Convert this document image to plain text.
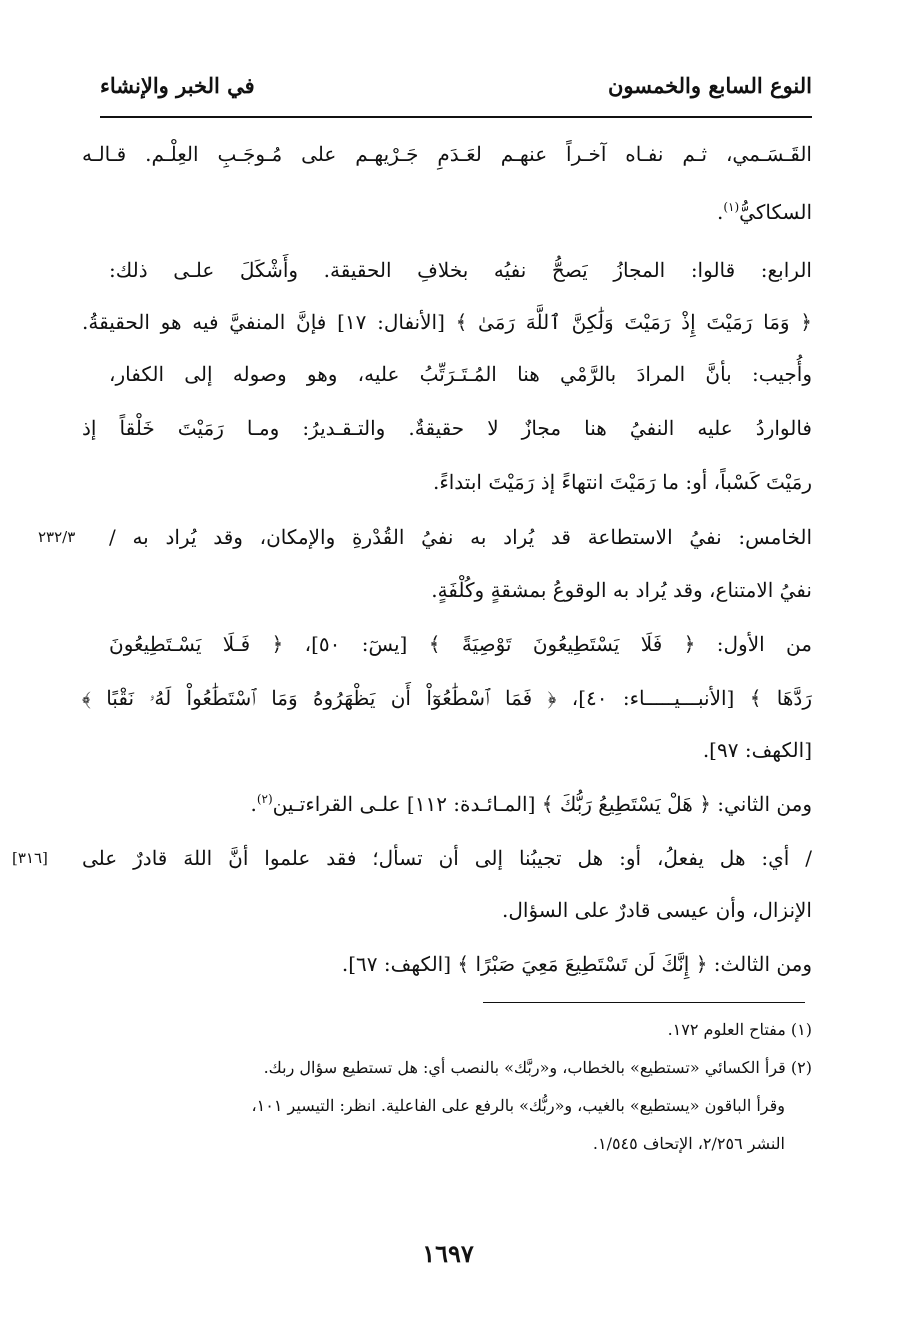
النوع السابع والخمسون
في الخبر والإنشاء
القَـسَـمي، ثـم نفـاه آخـراً عنهـم لعَـدَمِ جَـرْيهـم على مُـوجَـبِ العِلْـم. قـالـه
السكاكيُّ$^{(١)}$.
الرابع: قالوا: المجازُ يَصحُّ نفيُه بخلافِ الحقيقة. وأَشْكَلَ علـى ذلك:
﴿ وَمَا رَمَيْتَ إِذْ رَمَيْتَ وَلَٰكِنَّ ٱللَّهَ رَمَىٰ ﴾ [الأنفال: ١٧] فإنَّ المنفيَّ فيه هو الحقيقةُ.
وأُجيب: بأنَّ المرادَ بالرَّمْي هنا المُـتَـرَتِّبُ عليه، وهو وصوله إلى الكفار،
فالواردُ عليه النفيُ هنا مجازٌ لا حقيقةٌ. والتـقـديرُ: ومـا رَمَيْتَ خَلْقاً إذ
رمَيْتَ كَسْباً، أو: ما رَمَيْتَ انتهاءً إذ رَمَيْتَ ابتداءً.
الخامس: نفيُ الاستطاعة قد يُراد به نفيُ القُدْرةِ والإمكان، وقد يُراد به /
٢٣٢/٣
نفيُ الامتناع، وقد يُراد به الوقوعُ بمشقةٍ وكُلْفَةٍ.
من الأول: ﴿ فَلَا يَسْتَطِيعُونَ تَوْصِيَةً ﴾ [يسٓ: ٥٠]، ﴿ فَـلَا يَسْـتَطِيعُونَ
رَدَّهَا ﴾ [الأنبـــيـــــاء: ٤٠]، ﴿ فَمَا ٱسْطَٰعُوٓاْ أَن يَظْهَرُوهُ وَمَا ٱسْتَطَٰعُواْ لَهُۥ نَقْبًا ﴾
[الكهف: ٩٧].
ومن الثاني: ﴿ هَلْ يَسْتَطِيعُ رَبُّكَ ﴾ [المـائـدة: ١١٢] علـى القراءتـين$^{(٢)}$.
/ أي: هل يفعلُ، أو: هل تجيبُنا إلى أن تسأل؛ فقد علموا أنَّ اللهَ قادرٌ على
[٣١٦]
الإنزال، وأن عيسى قادرٌ على السؤال.
ومن الثالث: ﴿ إِنَّكَ لَن تَسْتَطِيعَ مَعِيَ صَبْرًا ﴾ [الكهف: ٦٧].
(١) مفتاح العلوم ١٧٢.
(٢) قرأ الكسائي «تستطيع» بالخطاب، و«ربَّك» بالنصب أي: هل تستطيع سؤال ربك.
وقرأ الباقون «يستطيع» بالغيب، و«ربُّك» بالرفع على الفاعلية. انظر: التيسير ١٠١،
النشر ٢/٢٥٦، الإتحاف ١/٥٤٥.
١٦٩٧
